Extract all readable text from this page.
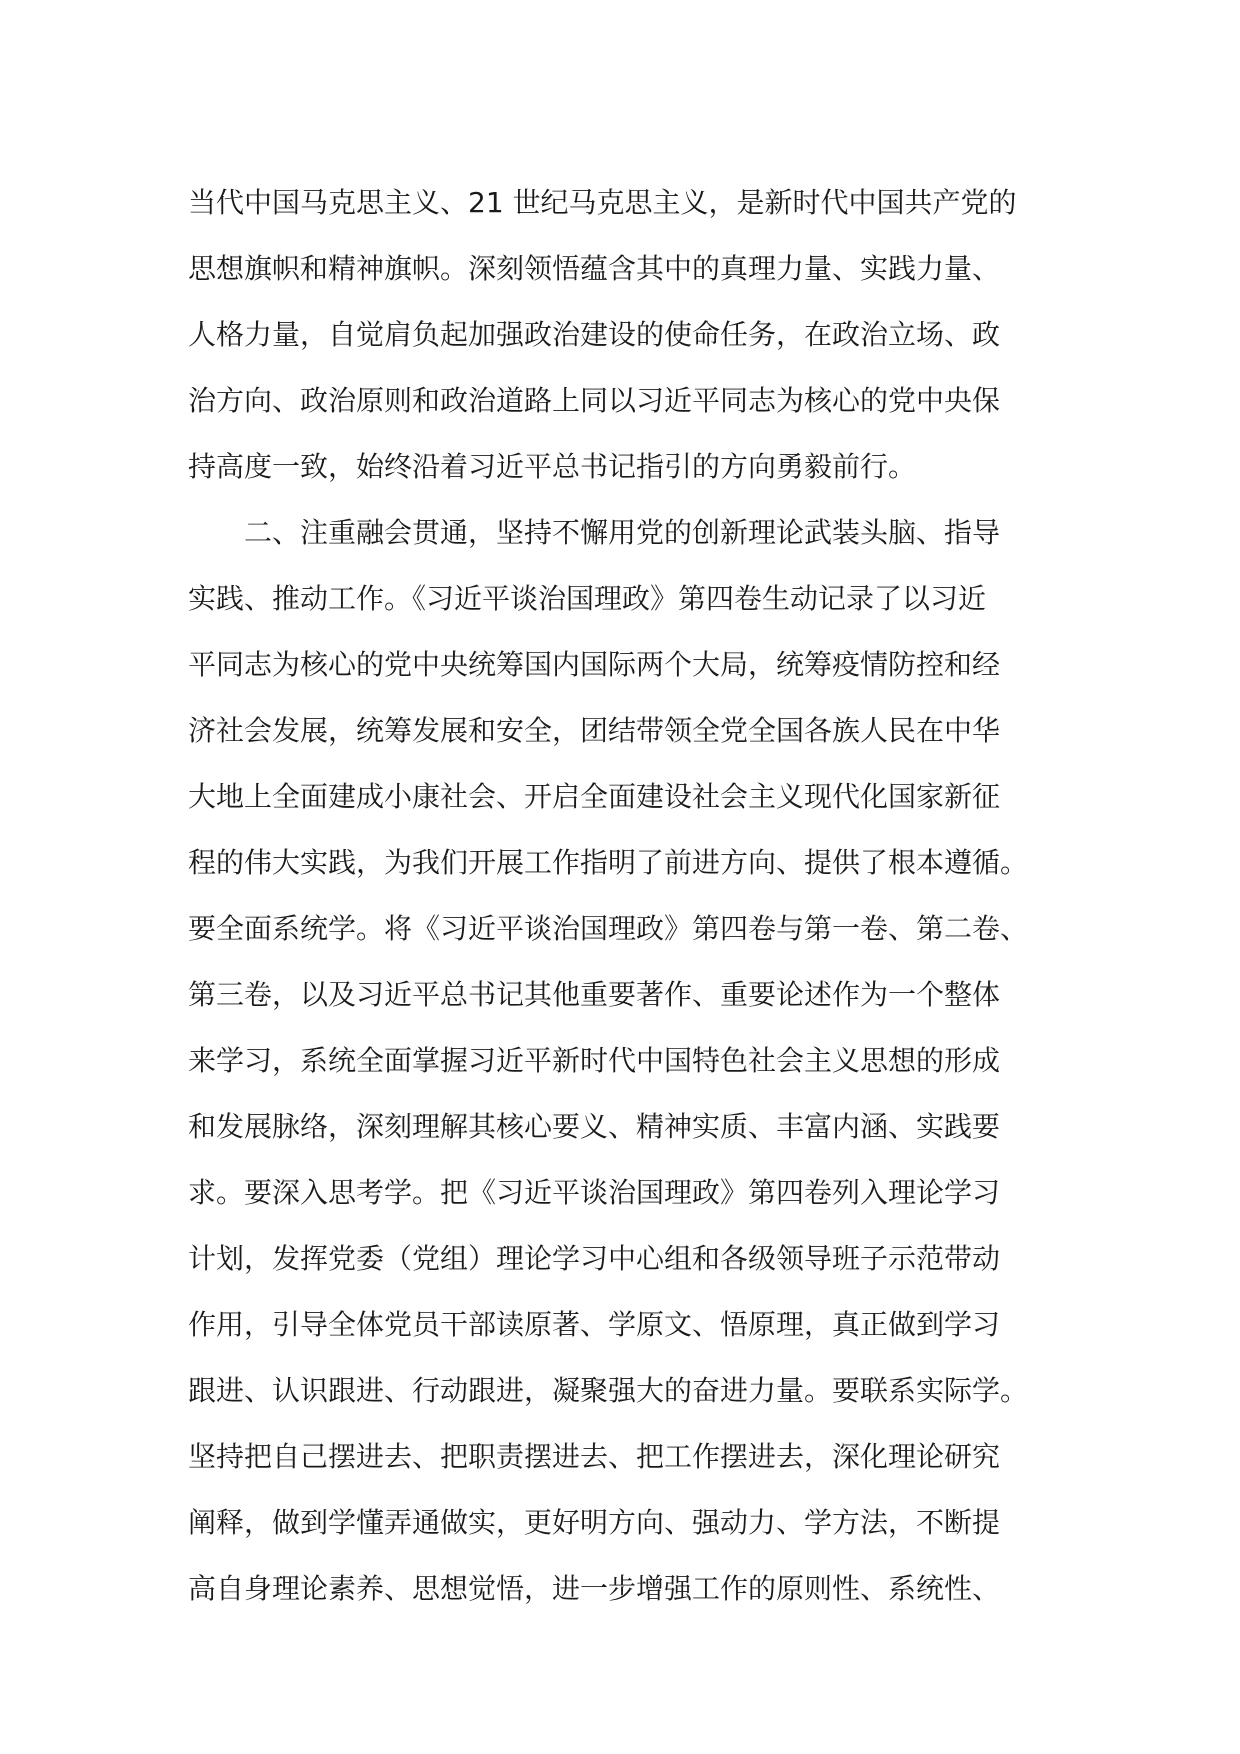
当代中国马克思主义、21 世纪马克思主义，是新时代中国共产党的
思想旗帜和精神旗帜。深刻领悟蕴含其中的真理力量、实践力量、
人格力量，自觉肩负起加强政治建设的使命任务，在政治立场、政
治方向、政治原则和政治道路上同以习近平同志为核心的党中央保
持高度一致，始终沿着习近平总书记指引的方向勇毅前行。
　　二、注重融会贯通，坚持不懈用党的创新理论武装头脑、指导
实践、推动工作。《习近平谈治国理政》第四卷生动记录了以习近
平同志为核心的党中央统筹国内国际两个大局，统筹疫情防控和经
济社会发展，统筹发展和安全，团结带领全党全国各族人民在中华
大地上全面建成小康社会、开启全面建设社会主义现代化国家新征
程的伟大实践，为我们开展工作指明了前进方向、提供了根本遵循。
要全面系统学。将《习近平谈治国理政》第四卷与第一卷、第二卷、
第三卷，以及习近平总书记其他重要著作、重要论述作为一个整体
来学习，系统全面掌握习近平新时代中国特色社会主义思想的形成
和发展脉络，深刻理解其核心要义、精神实质、丰富内涵、实践要
求。要深入思考学。把《习近平谈治国理政》第四卷列入理论学习
计划，发挥党委（党组）理论学习中心组和各级领导班子示范带动
作用，引导全体党员干部读原著、学原文、悟原理，真正做到学习
跟进、认识跟进、行动跟进，凝聚强大的奋进力量。要联系实际学。
坚持把自己摆进去、把职责摆进去、把工作摆进去，深化理论研究
阐释，做到学懂弄通做实，更好明方向、强动力、学方法，不断提
高自身理论素养、思想觉悟，进一步增强工作的原则性、系统性、
